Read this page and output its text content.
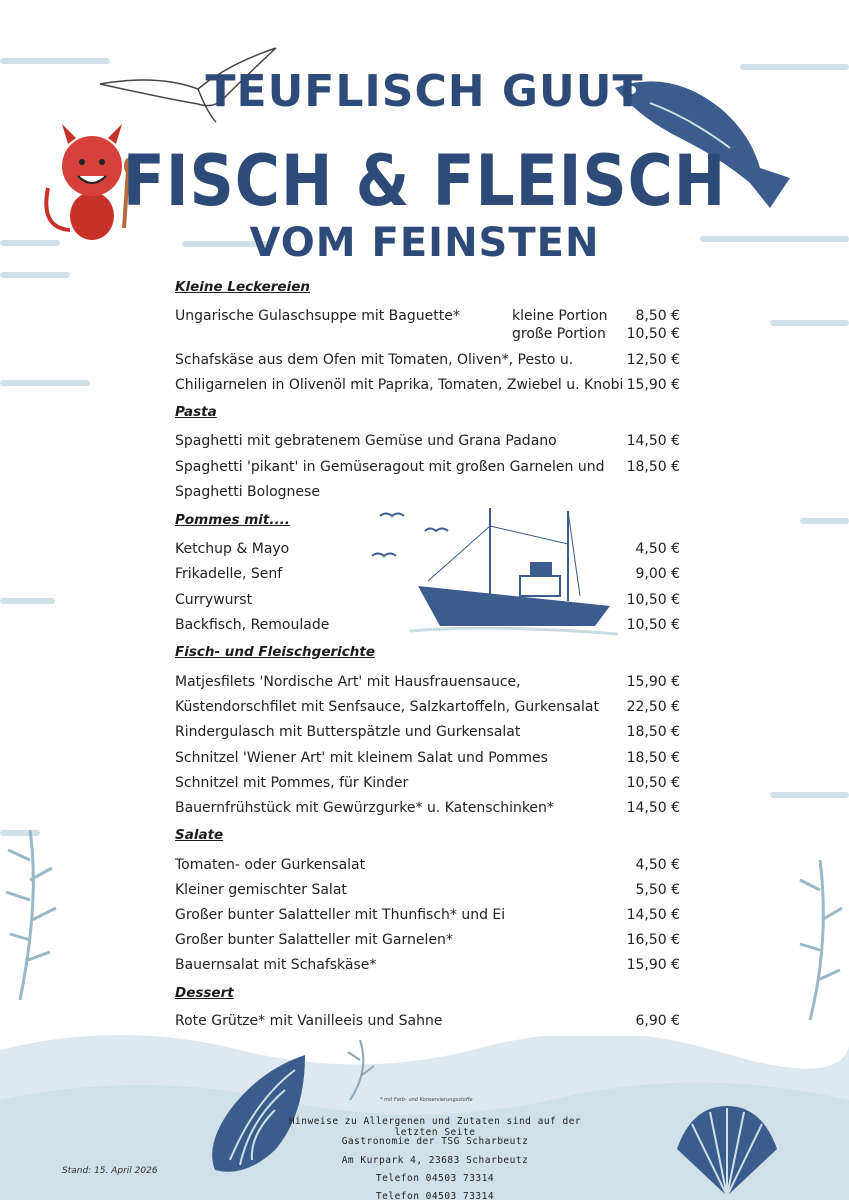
TEUFLISCH GUUT
FISCH & FLEISCH
VOM FEINSTEN
Kleine Leckereien
Ungarische Gulaschsuppe mit Baguette*	kleine Portion 8,50 €
große Portion 10,50 €
Schafskäse aus dem Ofen mit Tomaten, Oliven*, Pesto u.	12,50 €
Chiligarnelen in Olivenöl mit Paprika, Tomaten, Zwiebel u. Knobi 15,90 €
Pasta
Spaghetti mit gebratenem Gemüse und Grana Padano	14,50 €
Spaghetti 'pikant' in Gemüseragout mit großen Garnelen und 18,50 €
Spaghetti Bolognese
Pommes mit....
Ketchup & Mayo	4,50 €
Frikadelle, Senf	9,00 €
Currywurst	10,50 €
Backfisch, Remoulade	10,50 €
Fisch- und Fleischgerichte
Matjesfilets 'Nordische Art' mit Hausfrauensauce,	15,90 €
Küstendorschfilet mit Senfsauce, Salzkartoffeln, Gurkensalat 22,50 €
Rindergulasch mit Butterspätzle und Gurkensalat	18,50 €
Schnitzel 'Wiener Art' mit kleinem Salat und Pommes	18,50 €
Schnitzel mit Pommes, für Kinder	10,50 €
Bauernfrühstück mit Gewürzgurke* u. Katenschinken*	14,50 €
Salate
Tomaten- oder Gurkensalat	4,50 €
Kleiner gemischter Salat	5,50 €
Großer bunter Salatteller mit Thunfisch* und Ei	14,50 €
Großer bunter Salatteller mit Garnelen*	16,50 €
Bauernsalat mit Schafskäse*	15,90 €
Dessert
Rote Grütze* mit Vanilleeis und Sahne	6,90 €
* mit Farb- und Konservierungsstoffe
Hinweise zu Allergenen und Zutaten sind auf der letzten Seite
Gastronomie der TSG Scharbeutz
Am Kurpark 4, 23683 Scharbeutz
Telefon 04503 73314
Telefon 04503 73314
Stand: 15. April 2026
